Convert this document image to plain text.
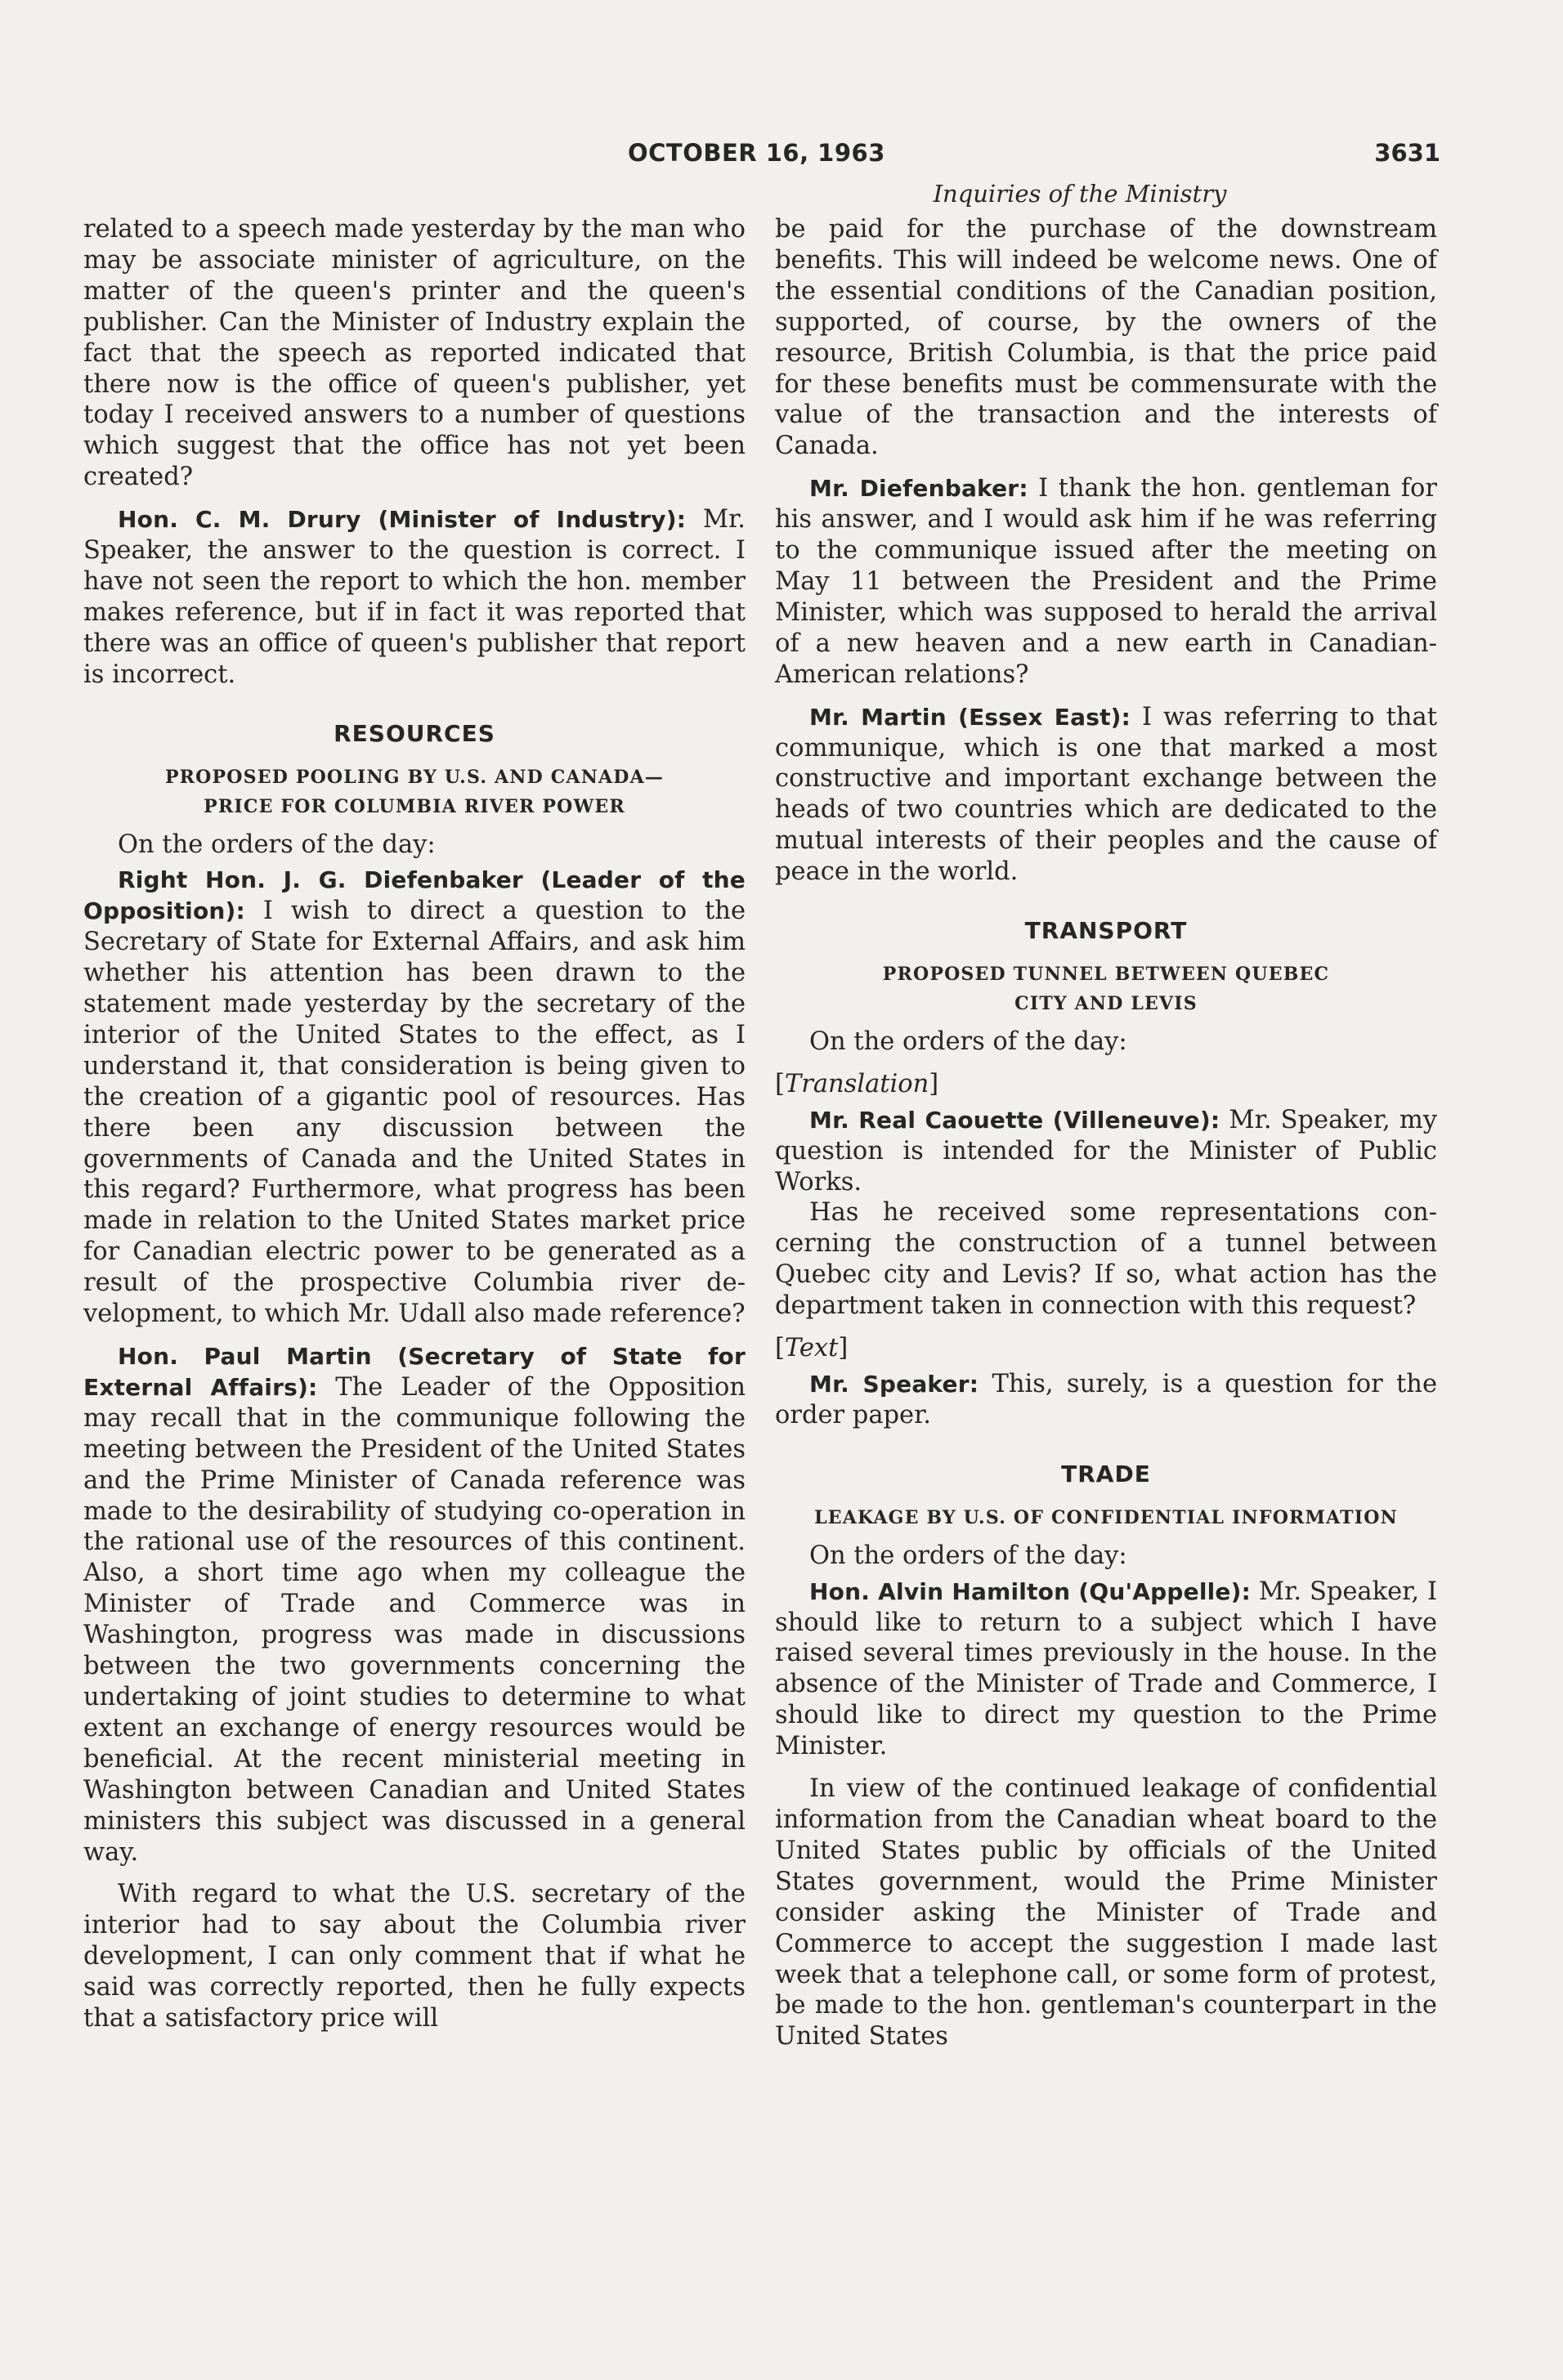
OCTOBER 16, 1963	3631
Inquiries of the Ministry

related to a speech made yesterday by the man who may be associate minister of agriculture, on the matter of the queen's printer and the queen's publisher. Can the Minister of Industry explain the fact that the speech as reported indicated that there now is the office of queen's publisher, yet today I received answers to a number of questions which suggest that the office has not yet been created?

Hon. C. M. Drury (Minister of Industry): Mr. Speaker, the answer to the question is correct. I have not seen the report to which the hon. member makes reference, but if in fact it was reported that there was an office of queen's publisher that report is incorrect.

RESOURCES
PROPOSED POOLING BY U.S. AND CANADA—
PRICE FOR COLUMBIA RIVER POWER

On the orders of the day:

Right Hon. J. G. Diefenbaker (Leader of the Opposition): I wish to direct a question to the Secretary of State for External Affairs, and ask him whether his attention has been drawn to the statement made yesterday by the secretary of the interior of the United States to the effect, as I understand it, that consideration is being given to the creation of a gigantic pool of resources. Has there been any discussion between the governments of Canada and the United States in this regard? Furthermore, what progress has been made in relation to the United States market price for Canadian electric power to be generated as a result of the prospective Columbia river development, to which Mr. Udall also made reference?

Hon. Paul Martin (Secretary of State for External Affairs): The Leader of the Opposition may recall that in the communique following the meeting between the President of the United States and the Prime Minister of Canada reference was made to the desirability of studying co-operation in the rational use of the resources of this continent. Also, a short time ago when my colleague the Minister of Trade and Commerce was in Washington, progress was made in discussions between the two governments concerning the undertaking of joint studies to determine to what extent an exchange of energy resources would be beneficial. At the recent ministerial meeting in Washington between Canadian and United States ministers this subject was discussed in a general way.

With regard to what the U.S. secretary of the interior had to say about the Columbia river development, I can only comment that if what he said was correctly reported, then he fully expects that a satisfactory price will

be paid for the purchase of the downstream benefits. This will indeed be welcome news. One of the essential conditions of the Canadian position, supported, of course, by the owners of the resource, British Columbia, is that the price paid for these benefits must be commensurate with the value of the transaction and the interests of Canada.

Mr. Diefenbaker: I thank the hon. gentleman for his answer, and I would ask him if he was referring to the communique issued after the meeting on May 11 between the President and the Prime Minister, which was supposed to herald the arrival of a new heaven and a new earth in Canadian-American relations?

Mr. Martin (Essex East): I was referring to that communique, which is one that marked a most constructive and important exchange between the heads of two countries which are dedicated to the mutual interests of their peoples and the cause of peace in the world.

TRANSPORT
PROPOSED TUNNEL BETWEEN QUEBEC
CITY AND LEVIS

On the orders of the day:

[Translation]

Mr. Real Caouette (Villeneuve): Mr. Speaker, my question is intended for the Minister of Public Works.

Has he received some representations concerning the construction of a tunnel between Quebec city and Levis? If so, what action has the department taken in connection with this request?

[Text]

Mr. Speaker: This, surely, is a question for the order paper.

TRADE
LEAKAGE BY U.S. OF CONFIDENTIAL INFORMATION

On the orders of the day:

Hon. Alvin Hamilton (Qu'Appelle): Mr. Speaker, I should like to return to a subject which I have raised several times previously in the house. In the absence of the Minister of Trade and Commerce, I should like to direct my question to the Prime Minister.

In view of the continued leakage of confidential information from the Canadian wheat board to the United States public by officials of the United States government, would the Prime Minister consider asking the Minister of Trade and Commerce to accept the suggestion I made last week that a telephone call, or some form of protest, be made to the hon. gentleman's counterpart in the United States
